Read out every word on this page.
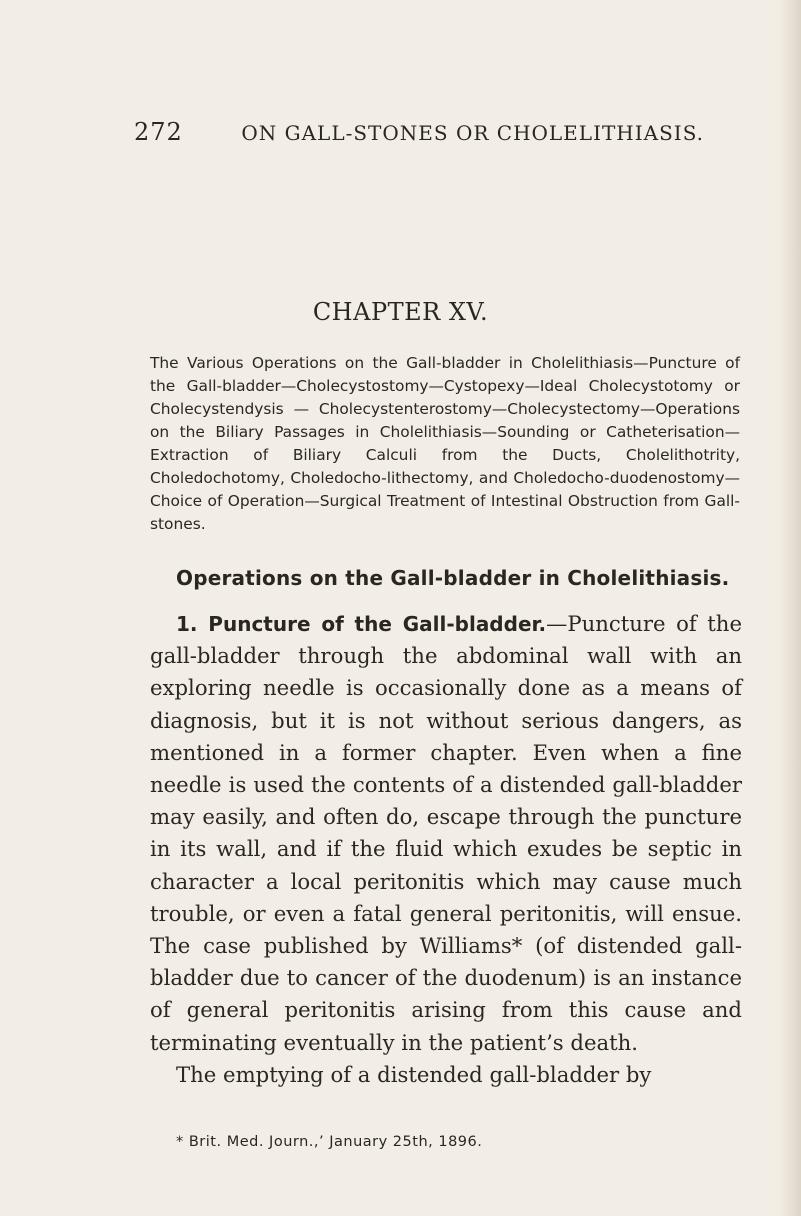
272	ON GALL-STONES OR CHOLELITHIASIS.
CHAPTER XV.
The Various Operations on the Gall-bladder in Cholelithiasis—Puncture of the Gall-bladder—Cholecystostomy—Cystopexy—Ideal Cholecystotomy or Cholecystendysis — Cholecystenterostomy—Cholecystectomy—Operations on the Biliary Passages in Cholelithiasis—Sounding or Catheterisation—Extraction of Biliary Calculi from the Ducts, Cholelithotrity, Choledochotomy, Choledocho-lithectomy, and Choledocho-duodenostomy—Choice of Operation—Surgical Treatment of Intestinal Obstruction from Gall-stones.
Operations on the Gall-bladder in Cholelithiasis.

1. Puncture of the Gall-bladder.—Puncture of the gall-bladder through the abdominal wall with an exploring needle is occasionally done as a means of diagnosis, but it is not without serious dangers, as mentioned in a former chapter. Even when a fine needle is used the contents of a distended gall-bladder may easily, and often do, escape through the puncture in its wall, and if the fluid which exudes be septic in character a local peritonitis which may cause much trouble, or even a fatal general peritonitis, will ensue. The case published by Williams* (of distended gall-bladder due to cancer of the duodenum) is an instance of general peritonitis arising from this cause and terminating eventually in the patient’s death.

The emptying of a distended gall-bladder by

* Brit. Med. Journ.,’ January 25th, 1896.
